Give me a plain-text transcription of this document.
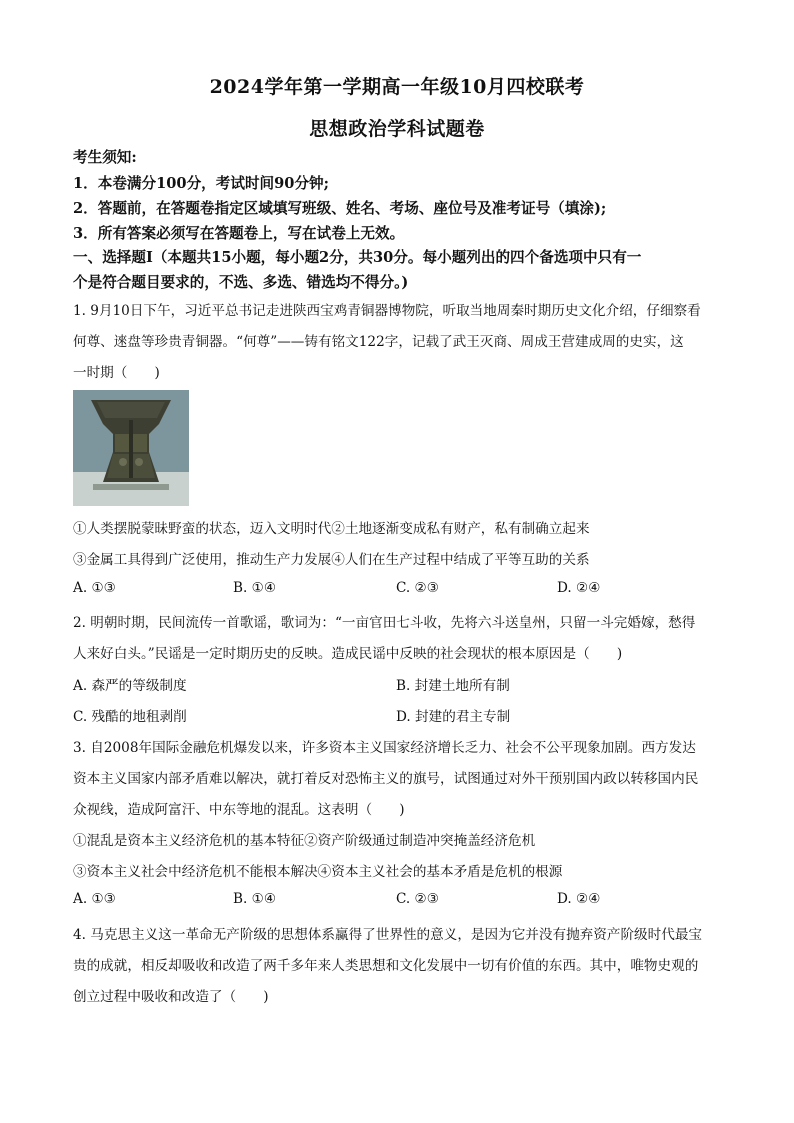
2024学年第一学期高一年级10月四校联考
思想政治学科试题卷
考生须知:
1．本卷满分100分，考试时间90分钟;
2．答题前，在答题卷指定区域填写班级、姓名、考场、座位号及准考证号（填涂);
3．所有答案必须写在答题卷上，写在试卷上无效。
一、选择题Ⅰ（本题共15小题，每小题2分，共30分。每小题列出的四个备选项中只有一
个是符合题目要求的，不选、多选、错选均不得分。)
1. 9月10日下午，习近平总书记走进陕西宝鸡青铜器博物院，听取当地周秦时期历史文化介绍，仔细察看
何尊、逨盘等珍贵青铜器。“何尊”——铸有铭文122字，记载了武王灭商、周成王营建成周的史实，这
一时期（　　)
①人类摆脱蒙昧野蛮的状态，迈入文明时代②土地逐渐变成私有财产，私有制确立起来
③金属工具得到广泛使用，推动生产力发展④人们在生产过程中结成了平等互助的关系
A. ①③	B. ①④	C. ②③	D. ②④
2. 明朝时期，民间流传一首歌谣，歌词为：“一亩官田七斗收，先将六斗送皇州，只留一斗完婚嫁，愁得
人来好白头。”民谣是一定时期历史的反映。造成民谣中反映的社会现状的根本原因是（　　)
A. 森严的等级制度	B. 封建土地所有制
C. 残酷的地租剥削	D. 封建的君主专制
3. 自2008年国际金融危机爆发以来，许多资本主义国家经济增长乏力、社会不公平现象加剧。西方发达
资本主义国家内部矛盾难以解决，就打着反对恐怖主义的旗号，试图通过对外干预别国内政以转移国内民
众视线，造成阿富汗、中东等地的混乱。这表明（　　)
①混乱是资本主义经济危机的基本特征②资产阶级通过制造冲突掩盖经济危机
③资本主义社会中经济危机不能根本解决④资本主义社会的基本矛盾是危机的根源
A. ①③	B. ①④	C. ②③	D. ②④
4. 马克思主义这一革命无产阶级的思想体系赢得了世界性的意义，是因为它并没有抛弃资产阶级时代最宝
贵的成就，相反却吸收和改造了两千多年来人类思想和文化发展中一切有价值的东西。其中，唯物史观的
创立过程中吸收和改造了（　　)
